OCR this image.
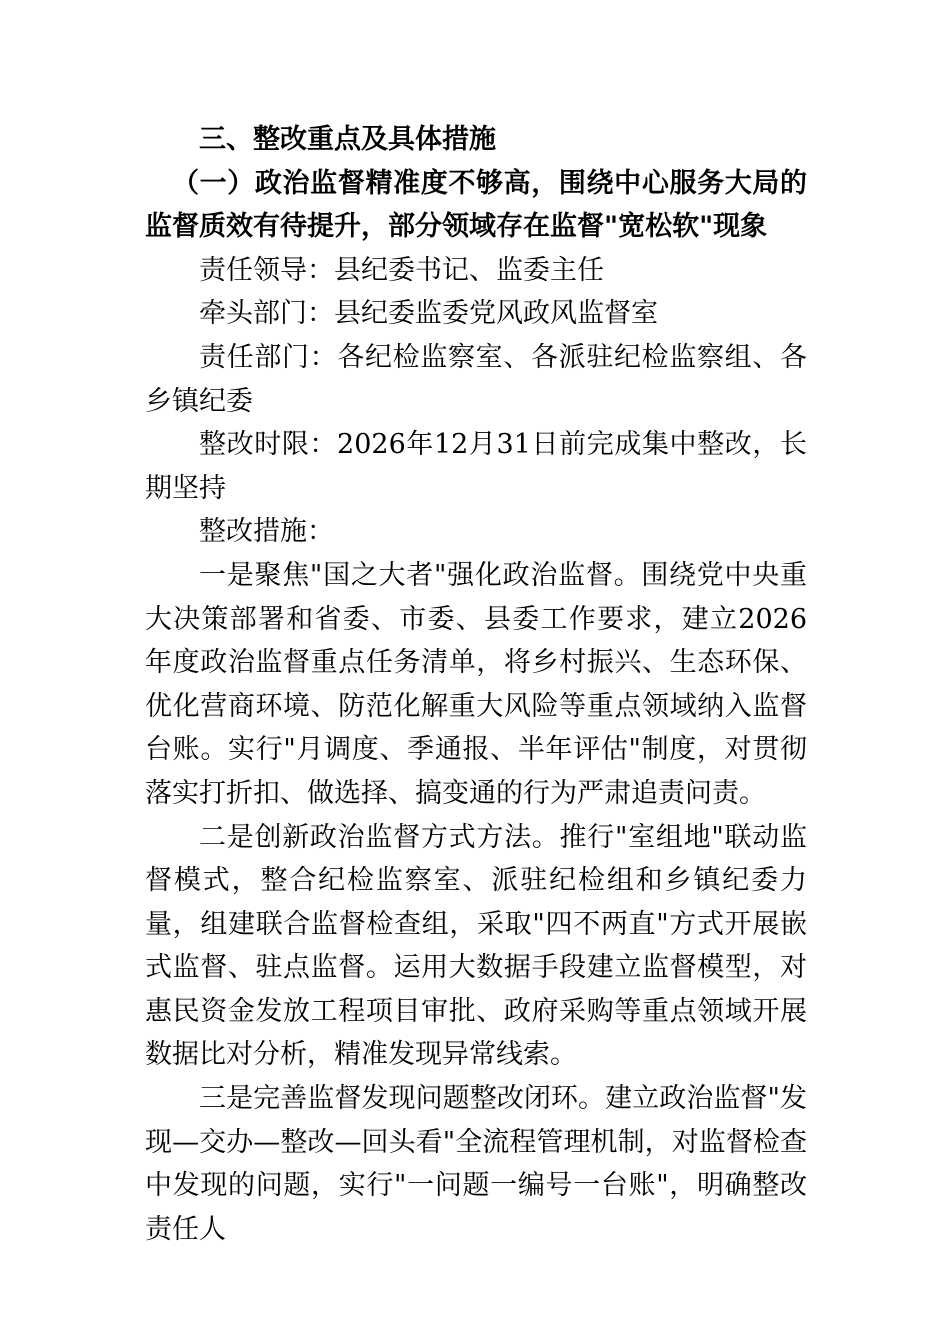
三、整改重点及具体措施

（一）政治监督精准度不够高，围绕中心服务大局的监督质效有待提升，部分领域存在监督"宽松软"现象

责任领导：县纪委书记、监委主任

牵头部门：县纪委监委党风政风监督室

责任部门：各纪检监察室、各派驻纪检监察组、各乡镇纪委

整改时限：2026年12月31日前完成集中整改，长期坚持

整改措施：

一是聚焦"国之大者"强化政治监督。围绕党中央重大决策部署和省委、市委、县委工作要求，建立2026年度政治监督重点任务清单，将乡村振兴、生态环保、优化营商环境、防范化解重大风险等重点领域纳入监督台账。实行"月调度、季通报、半年评估"制度，对贯彻落实打折扣、做选择、搞变通的行为严肃追责问责。

二是创新政治监督方式方法。推行"室组地"联动监督模式，整合纪检监察室、派驻纪检组和乡镇纪委力量，组建联合监督检查组，采取"四不两直"方式开展嵌式监督、驻点监督。运用大数据手段建立监督模型，对惠民资金发放工程项目审批、政府采购等重点领域开展数据比对分析，精准发现异常线索。

三是完善监督发现问题整改闭环。建立政治监督"发现—交办—整改—回头看"全流程管理机制，对监督检查中发现的问题，实行"一问题一编号一台账"，明确整改责任人
